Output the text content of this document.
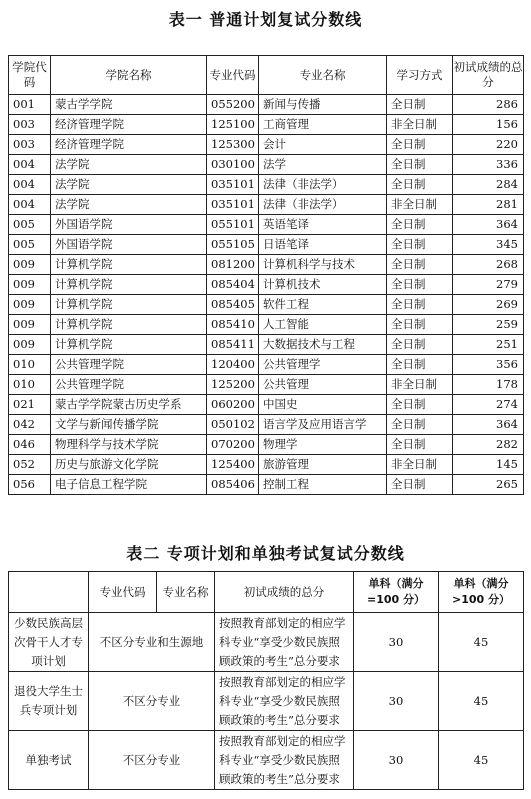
表一 普通计划复试分数线
学院代码	学院名称	专业代码	专业名称	学习方式	初试成绩的总分
001	蒙古学学院	055200	新闻与传播	全日制	286
003	经济管理学院	125100	工商管理	非全日制	156
003	经济管理学院	125300	会计	全日制	220
004	法学院	030100	法学	全日制	336
004	法学院	035101	法律（非法学）	全日制	284
004	法学院	035101	法律（非法学）	非全日制	281
005	外国语学院	055101	英语笔译	全日制	364
005	外国语学院	055105	日语笔译	全日制	345
009	计算机学院	081200	计算机科学与技术	全日制	268
009	计算机学院	085404	计算机技术	全日制	279
009	计算机学院	085405	软件工程	全日制	269
009	计算机学院	085410	人工智能	全日制	259
009	计算机学院	085411	大数据技术与工程	全日制	251
010	公共管理学院	120400	公共管理学	全日制	356
010	公共管理学院	125200	公共管理	非全日制	178
021	蒙古学学院蒙古历史学系	060200	中国史	全日制	274
042	文学与新闻传播学院	050102	语言学及应用语言学	全日制	364
046	物理科学与技术学院	070200	物理学	全日制	282
052	历史与旅游文化学院	125400	旅游管理	非全日制	145
056	电子信息工程学院	085406	控制工程	全日制	265
表二 专项计划和单独考试复试分数线
	专业代码	专业名称	初试成绩的总分	单科（满分=100 分）	单科（满分>100 分）
少数民族高层次骨干人才专项计划	不区分专业和生源地		按照教育部划定的相应学科专业“享受少数民族照顾政策的考生”总分要求	30	45
退役大学生士兵专项计划	不区分专业		按照教育部划定的相应学科专业“享受少数民族照顾政策的考生”总分要求	30	45
单独考试	不区分专业		按照教育部划定的相应学科专业“享受少数民族照顾政策的考生”总分要求	30	45
